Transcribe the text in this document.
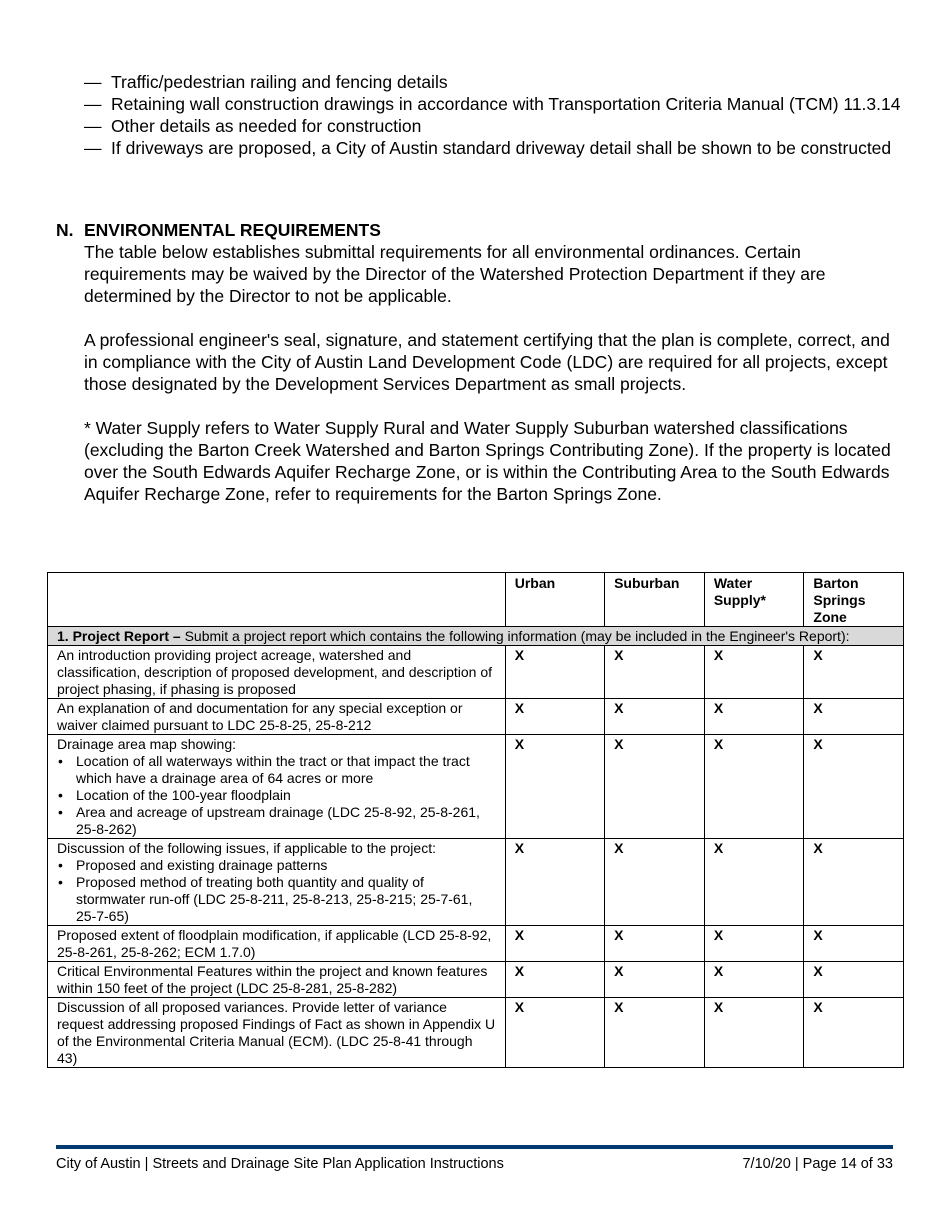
— Traffic/pedestrian railing and fencing details
— Retaining wall construction drawings in accordance with Transportation Criteria Manual (TCM) 11.3.14
— Other details as needed for construction
— If driveways are proposed, a City of Austin standard driveway detail shall be shown to be constructed
N. ENVIRONMENTAL REQUIREMENTS

The table below establishes submittal requirements for all environmental ordinances. Certain requirements may be waived by the Director of the Watershed Protection Department if they are determined by the Director to not be applicable.

A professional engineer's seal, signature, and statement certifying that the plan is complete, correct, and in compliance with the City of Austin Land Development Code (LDC) are required for all projects, except those designated by the Development Services Department as small projects.

* Water Supply refers to Water Supply Rural and Water Supply Suburban watershed classifications (excluding the Barton Creek Watershed and Barton Springs Contributing Zone). If the property is located over the South Edwards Aquifer Recharge Zone, or is within the Contributing Area to the South Edwards Aquifer Recharge Zone, refer to requirements for the Barton Springs Zone.

	Urban	Suburban	Water Supply*	Barton Springs Zone
1. Project Report – Submit a project report which contains the following information (may be included in the Engineer's Report):				
An introduction providing project acreage, watershed and classification, description of proposed development, and description of project phasing, if phasing is proposed	X	X	X	X
An explanation of and documentation for any special exception or waiver claimed pursuant to LDC 25-8-25, 25-8-212	X	X	X	X

Drainage area map showing:
• Location of all waterways within the tract or that impact the tract which have a drainage area of 64 acres or more
• Location of the 100-year floodplain
• Area and acreage of upstream drainage (LDC 25-8-92, 25-8-261, 25-8-262)
	X	X	X	X

Discussion of the following issues, if applicable to the project:
• Proposed and existing drainage patterns
• Proposed method of treating both quantity and quality of stormwater run-off (LDC 25-8-211, 25-8-213, 25-8-215; 25-7-61, 25-7-65)
	X	X	X	X
Proposed extent of floodplain modification, if applicable (LCD 25-8-92, 25-8-261, 25-8-262; ECM 1.7.0)	X	X	X	X
Critical Environmental Features within the project and known features within 150 feet of the project (LDC 25-8-281, 25-8-282)	X	X	X	X
Discussion of all proposed variances. Provide letter of variance request addressing proposed Findings of Fact as shown in Appendix U of the Environmental Criteria Manual (ECM). (LDC 25-8-41 through 43)	X	X	X	X
City of Austin | Streets and Drainage Site Plan Application Instructions	7/10/20 | Page 14 of 33
